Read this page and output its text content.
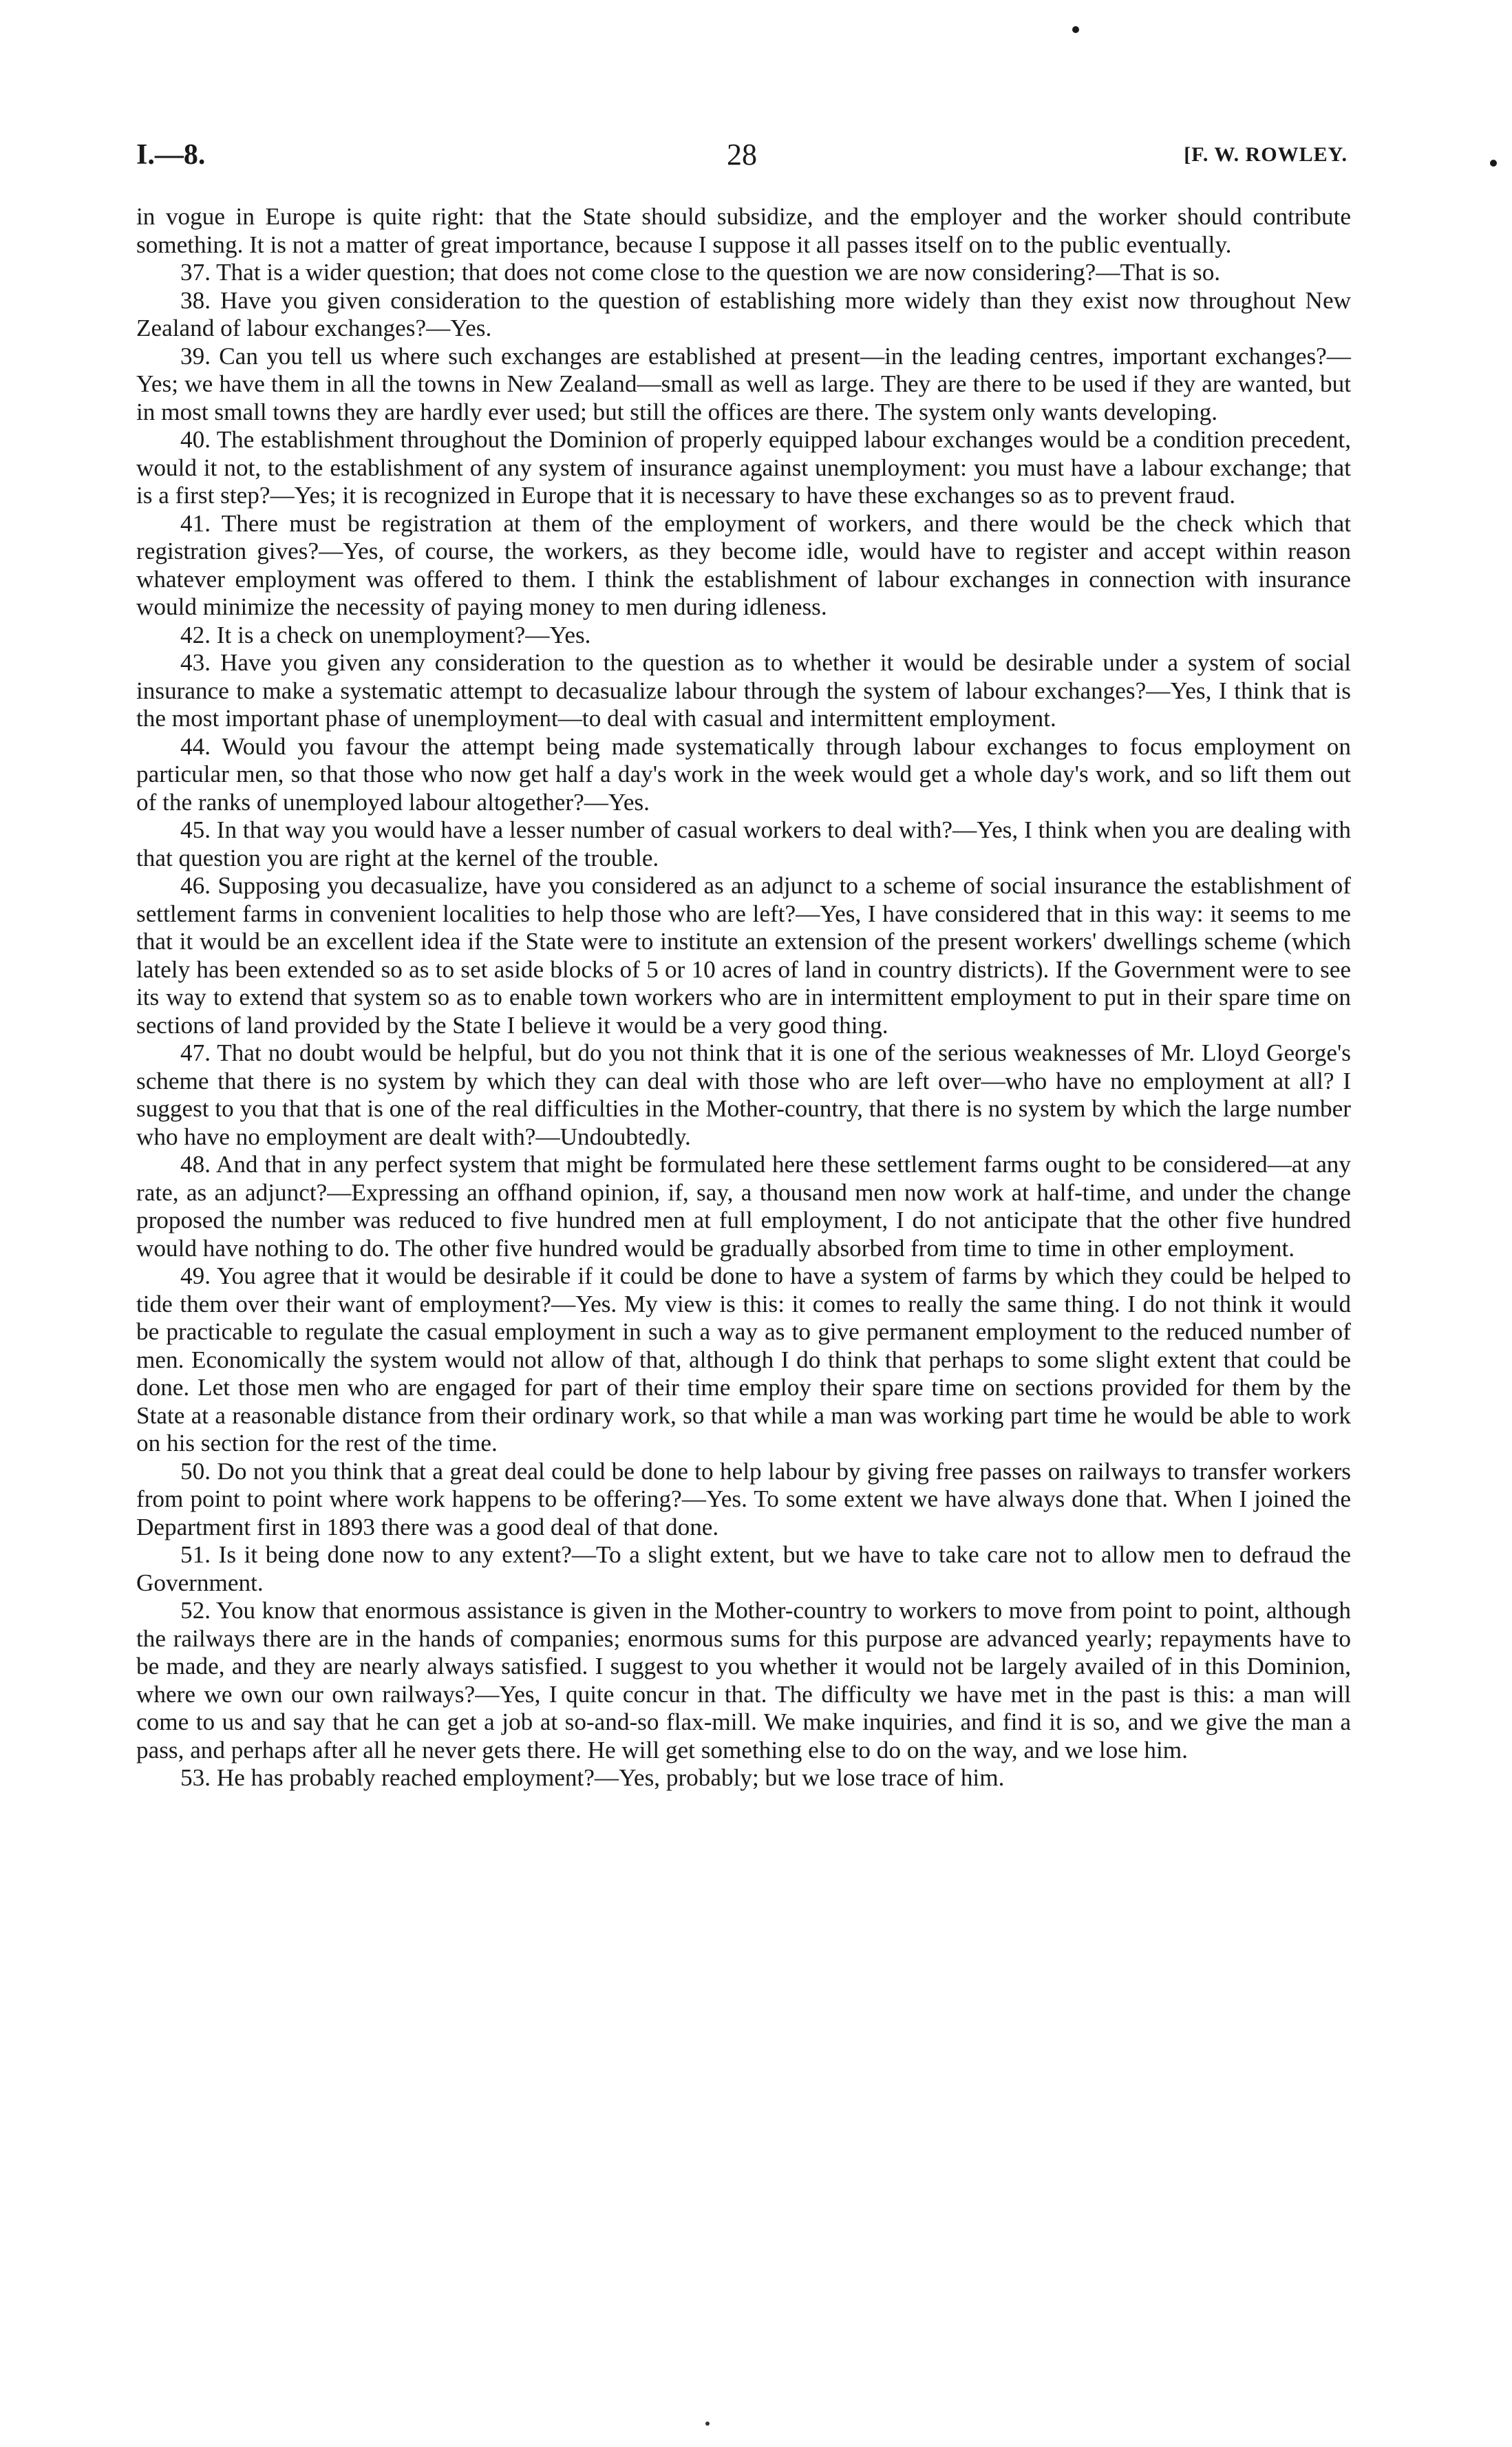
I.—8.	28	[F. W. ROWLEY.

in vogue in Europe is quite right: that the State should subsidize, and the employer and the worker should contribute something. It is not a matter of great importance, because I suppose it all passes itself on to the public eventually.

37. That is a wider question; that does not come close to the question we are now considering?—That is so.

38. Have you given consideration to the question of establishing more widely than they exist now throughout New Zealand of labour exchanges?—Yes.

39. Can you tell us where such exchanges are established at present—in the leading centres, important exchanges?—Yes; we have them in all the towns in New Zealand—small as well as large. They are there to be used if they are wanted, but in most small towns they are hardly ever used; but still the offices are there. The system only wants developing.

40. The establishment throughout the Dominion of properly equipped labour exchanges would be a condition precedent, would it not, to the establishment of any system of insurance against unemployment: you must have a labour exchange; that is a first step?—Yes; it is recognized in Europe that it is necessary to have these exchanges so as to prevent fraud.

41. There must be registration at them of the employment of workers, and there would be the check which that registration gives?—Yes, of course, the workers, as they become idle, would have to register and accept within reason whatever employment was offered to them. I think the establishment of labour exchanges in connection with insurance would minimize the necessity of paying money to men during idleness.

42. It is a check on unemployment?—Yes.

43. Have you given any consideration to the question as to whether it would be desirable under a system of social insurance to make a systematic attempt to decasualize labour through the system of labour exchanges?—Yes, I think that is the most important phase of unemployment—to deal with casual and intermittent employment.

44. Would you favour the attempt being made systematically through labour exchanges to focus employment on particular men, so that those who now get half a day's work in the week would get a whole day's work, and so lift them out of the ranks of unemployed labour altogether?—Yes.

45. In that way you would have a lesser number of casual workers to deal with?—Yes, I think when you are dealing with that question you are right at the kernel of the trouble.

46. Supposing you decasualize, have you considered as an adjunct to a scheme of social insurance the establishment of settlement farms in convenient localities to help those who are left?—Yes, I have considered that in this way: it seems to me that it would be an excellent idea if the State were to institute an extension of the present workers' dwellings scheme (which lately has been extended so as to set aside blocks of 5 or 10 acres of land in country districts). If the Government were to see its way to extend that system so as to enable town workers who are in intermittent employment to put in their spare time on sections of land provided by the State I believe it would be a very good thing.

47. That no doubt would be helpful, but do you not think that it is one of the serious weaknesses of Mr. Lloyd George's scheme that there is no system by which they can deal with those who are left over—who have no employment at all? I suggest to you that that is one of the real difficulties in the Mother-country, that there is no system by which the large number who have no employment are dealt with?—Undoubtedly.

48. And that in any perfect system that might be formulated here these settlement farms ought to be considered—at any rate, as an adjunct?—Expressing an offhand opinion, if, say, a thousand men now work at half-time, and under the change proposed the number was reduced to five hundred men at full employment, I do not anticipate that the other five hundred would have nothing to do. The other five hundred would be gradually absorbed from time to time in other employment.

49. You agree that it would be desirable if it could be done to have a system of farms by which they could be helped to tide them over their want of employment?—Yes. My view is this: it comes to really the same thing. I do not think it would be practicable to regulate the casual employment in such a way as to give permanent employment to the reduced number of men. Economically the system would not allow of that, although I do think that perhaps to some slight extent that could be done. Let those men who are engaged for part of their time employ their spare time on sections provided for them by the State at a reasonable distance from their ordinary work, so that while a man was working part time he would be able to work on his section for the rest of the time.

50. Do not you think that a great deal could be done to help labour by giving free passes on railways to transfer workers from point to point where work happens to be offering?—Yes. To some extent we have always done that. When I joined the Department first in 1893 there was a good deal of that done.

51. Is it being done now to any extent?—To a slight extent, but we have to take care not to allow men to defraud the Government.

52. You know that enormous assistance is given in the Mother-country to workers to move from point to point, although the railways there are in the hands of companies; enormous sums for this purpose are advanced yearly; repayments have to be made, and they are nearly always satisfied. I suggest to you whether it would not be largely availed of in this Dominion, where we own our own railways?—Yes, I quite concur in that. The difficulty we have met in the past is this: a man will come to us and say that he can get a job at so-and-so flax-mill. We make inquiries, and find it is so, and we give the man a pass, and perhaps after all he never gets there. He will get something else to do on the way, and we lose him.

53. He has probably reached employment?—Yes, probably; but we lose trace of him.
